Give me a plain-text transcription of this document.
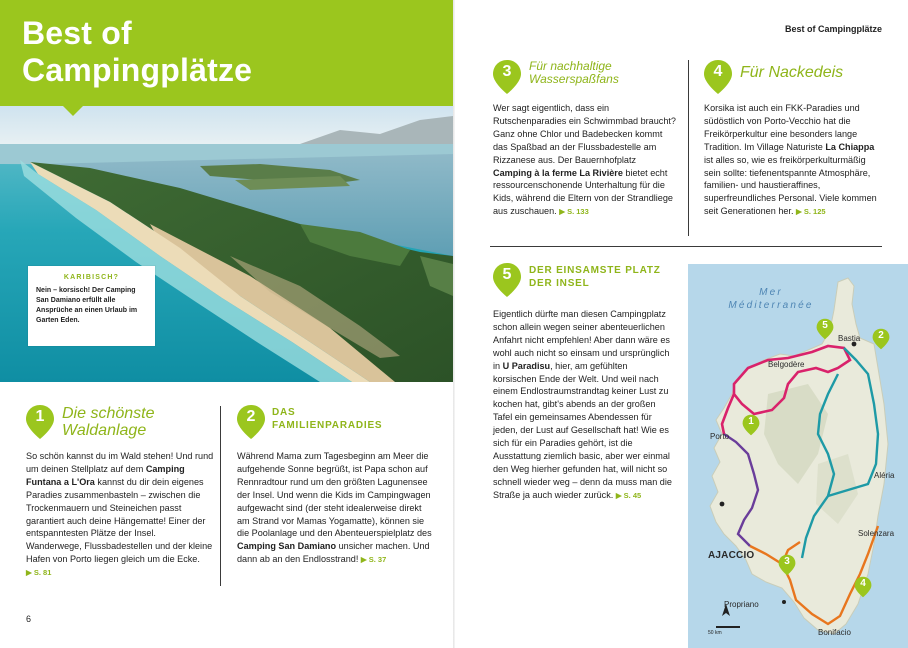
Best of
Campingplätze
KARIBISCH?
Nein – korsisch! Der Camping San Damiano erfüllt alle Ansprüche an einen Urlaub im Garten Eden.
1	Die schönste
Waldanlage
So schön kannst du im Wald stehen! Und rund um deinen Stellplatz auf dem Camping Funtana a L'Ora kannst du dir dein eigenes Paradies zusammenbasteln – zwischen die Trockenmauern und Steineichen passt garantiert auch deine Hängematte! Einer der entspanntesten Plätze der Insel. Wanderwege, Flussbadestellen und der kleine Hafen von Porto liegen gleich um die Ecke. ▶ S. 81
2	DAS
FAMILIENPARADIES
Während Mama zum Tagesbeginn am Meer die aufgehende Sonne begrüßt, ist Papa schon auf Rennradtour rund um den größten Lagunensee der Insel. Und wenn die Kids im Campingwagen aufgewacht sind (der steht idealerweise direkt am Strand vor Mamas Yogamatte), können sie die Poolanlage und den Abenteuerspielplatz des Camping San Damiano unsicher machen. Und dann ab an den Endlosstrand! ▶ S. 37
6
Best of Campingplätze
3	Für nachhaltige
Wasserspaßfans
Wer sagt eigentlich, dass ein Rutschenparadies ein Schwimmbad braucht? Ganz ohne Chlor und Badebecken kommt das Spaßbad an der Flussbadestelle am Rizzanese aus. Der Bauernhofplatz Camping à la ferme La Rivière bietet echt ressourcenschonende Unterhaltung für die Kids, während die Eltern von der Strandliege aus zuschauen. ▶ S. 133
4	Für Nackedeis
Korsika ist auch ein FKK-Paradies und südöstlich von Porto-Vecchio hat die Freikörperkultur eine besonders lange Tradition. Im Village Naturiste La Chiappa ist alles so, wie es freikörperkulturmäßig sein sollte: tiefenentspannte Atmosphäre, familien- und haustierafﬁnes, superfreundliches Personal. Viele kommen seit Generationen her. ▶ S. 125
5	DER EINSAMSTE PLATZ
DER INSEL
Eigentlich dürfte man diesen Campingplatz schon allein wegen seiner abenteuerlichen Anfahrt nicht empfehlen! Aber dann wäre es wohl auch nicht so einsam und ursprünglich in U Paradisu, hier, am gefühlten korsischen Ende der Welt. Und weil nach einem Endlostraumstrandtag keiner Lust zu kochen hat, gibt's abends an der großen Tafel ein gemeinsames Abendessen für jeden, der Lust auf Gesellschaft hat! Wie es sich für ein Paradies gehört, ist die Ausstattung ziemlich basic, aber wer einmal den Weg hierher gefunden hat, will nicht so schnell wieder weg – denn da muss man die Straße ja auch wieder zurück. ▶ S. 45
Mer
Méditerranée
Bastia
Belgodère
Porto
Aléria
AJACCIO
Solenzara
Propriano
Bonifacio
5
2
1
3
4
50 km
